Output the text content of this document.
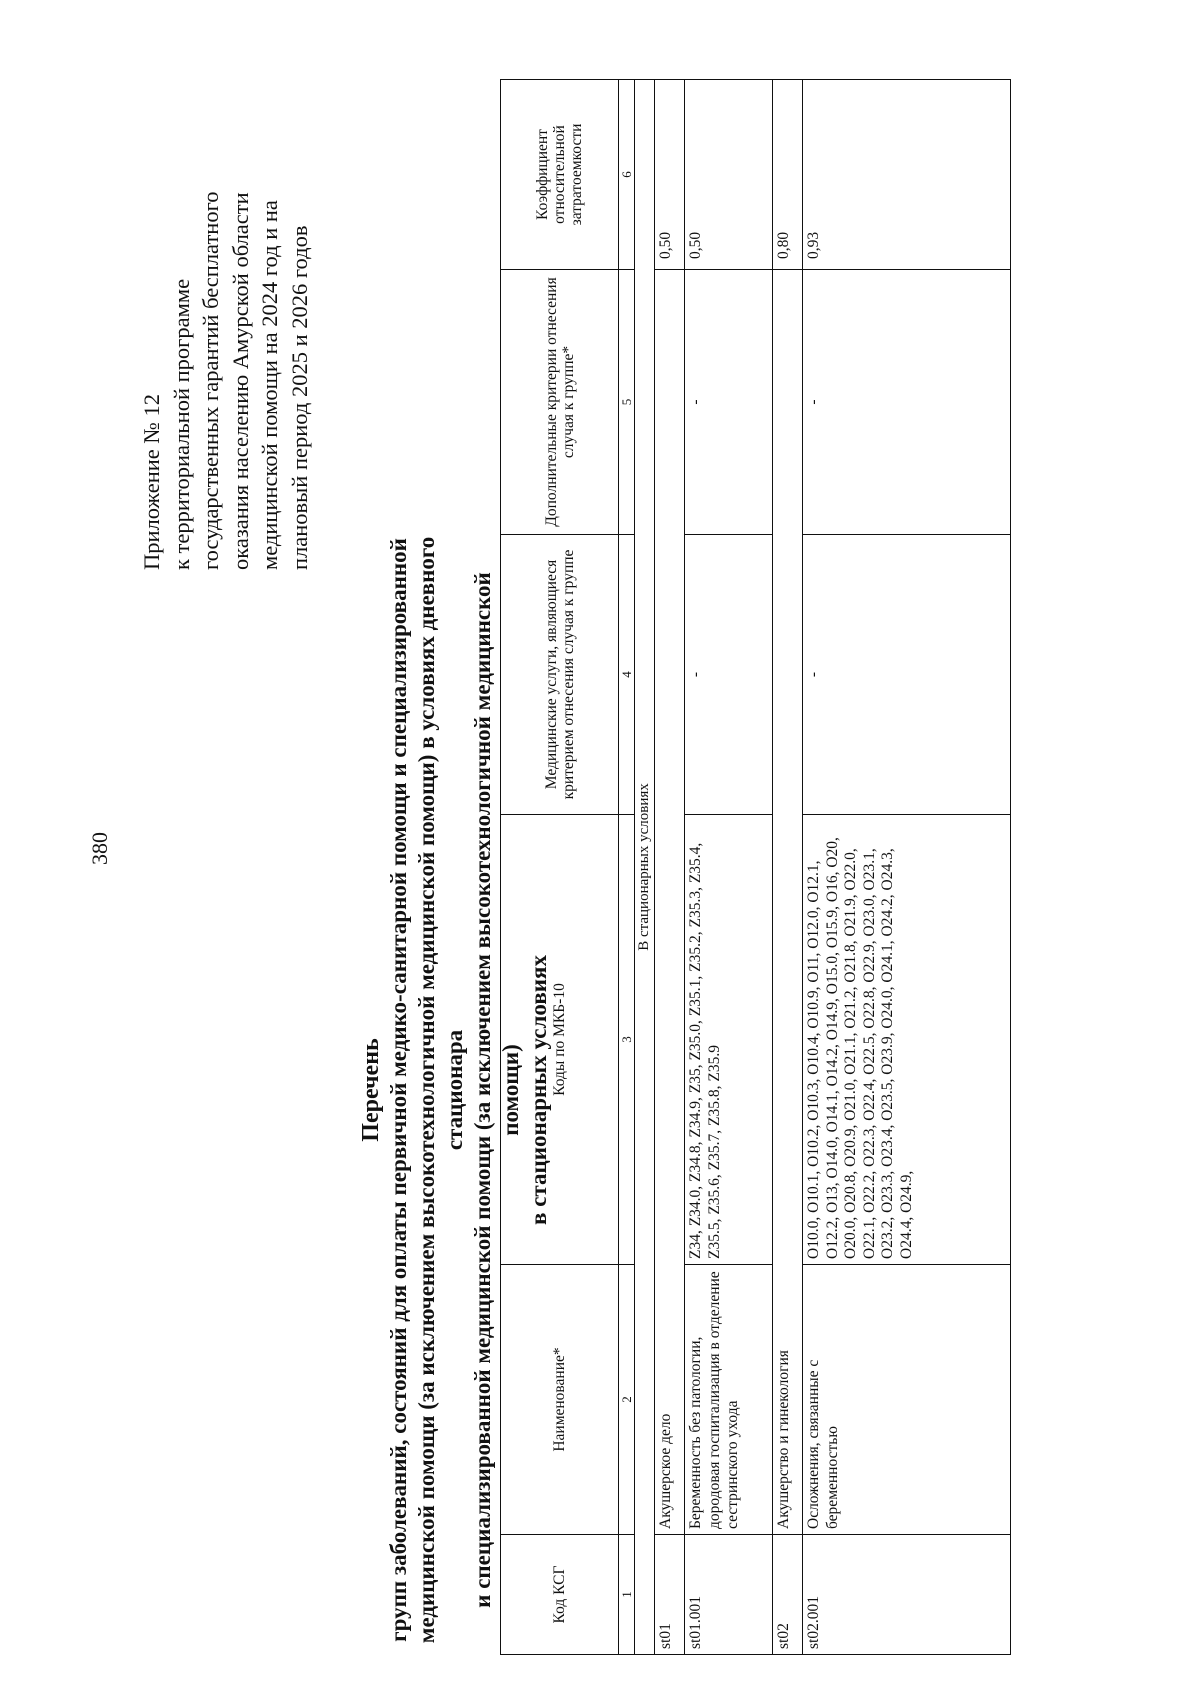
380
Приложение № 12 к территориальной программе государственных гарантий бесплатного оказания населению Амурской области медицинской помощи на 2024 год и на плановый период 2025 и 2026 годов
Перечень групп заболеваний, состояний для оплаты первичной медико-санитарной помощи и специализированной медицинской помощи (за исключением высокотехнологичной медицинской помощи) в условиях дневного стационара и специализированной медицинской помощи (за исключением высокотехнологичной медицинской помощи) в стационарных условиях
Код КСГ	Наименование*	Коды по МКБ-10	Медицинские услуги, являющиеся критерием отнесения случая к группе	Дополнительные критерии отнесения случая к группе*	Коэффициент относительной затратоемкости
1	2	3	4	5	6
В стационарных условиях					
st01	Акушерское дело				0,50
st01.001	Беременность без патологии, дородовая госпитализация в отделение сестринского ухода	Z34, Z34.0, Z34.8, Z34.9, Z35, Z35.0, Z35.1, Z35.2, Z35.3, Z35.4, Z35.5, Z35.6, Z35.7, Z35.8, Z35.9	-	-	0,50
st02	Акушерство и гинекология				0,80
st02.001	Осложнения, связанные с беременностью	O10.0, O10.1, O10.2, O10.3, O10.4, O10.9, O11, O12.0, O12.1, O12.2, O13, O14.0, O14.1, O14.2, O14.9, O15.0, O15.9, O16, O20, O20.0, O20.8, O20.9, O21.0, O21.1, O21.2, O21.8, O21.9, O22.0, O22.1, O22.2, O22.3, O22.4, O22.5, O22.8, O22.9, O23.0, O23.1, O23.2, O23.3, O23.4, O23.5, O23.9, O24.0, O24.1, O24.2, O24.3, O24.4, O24.9,	-	-	0,93
